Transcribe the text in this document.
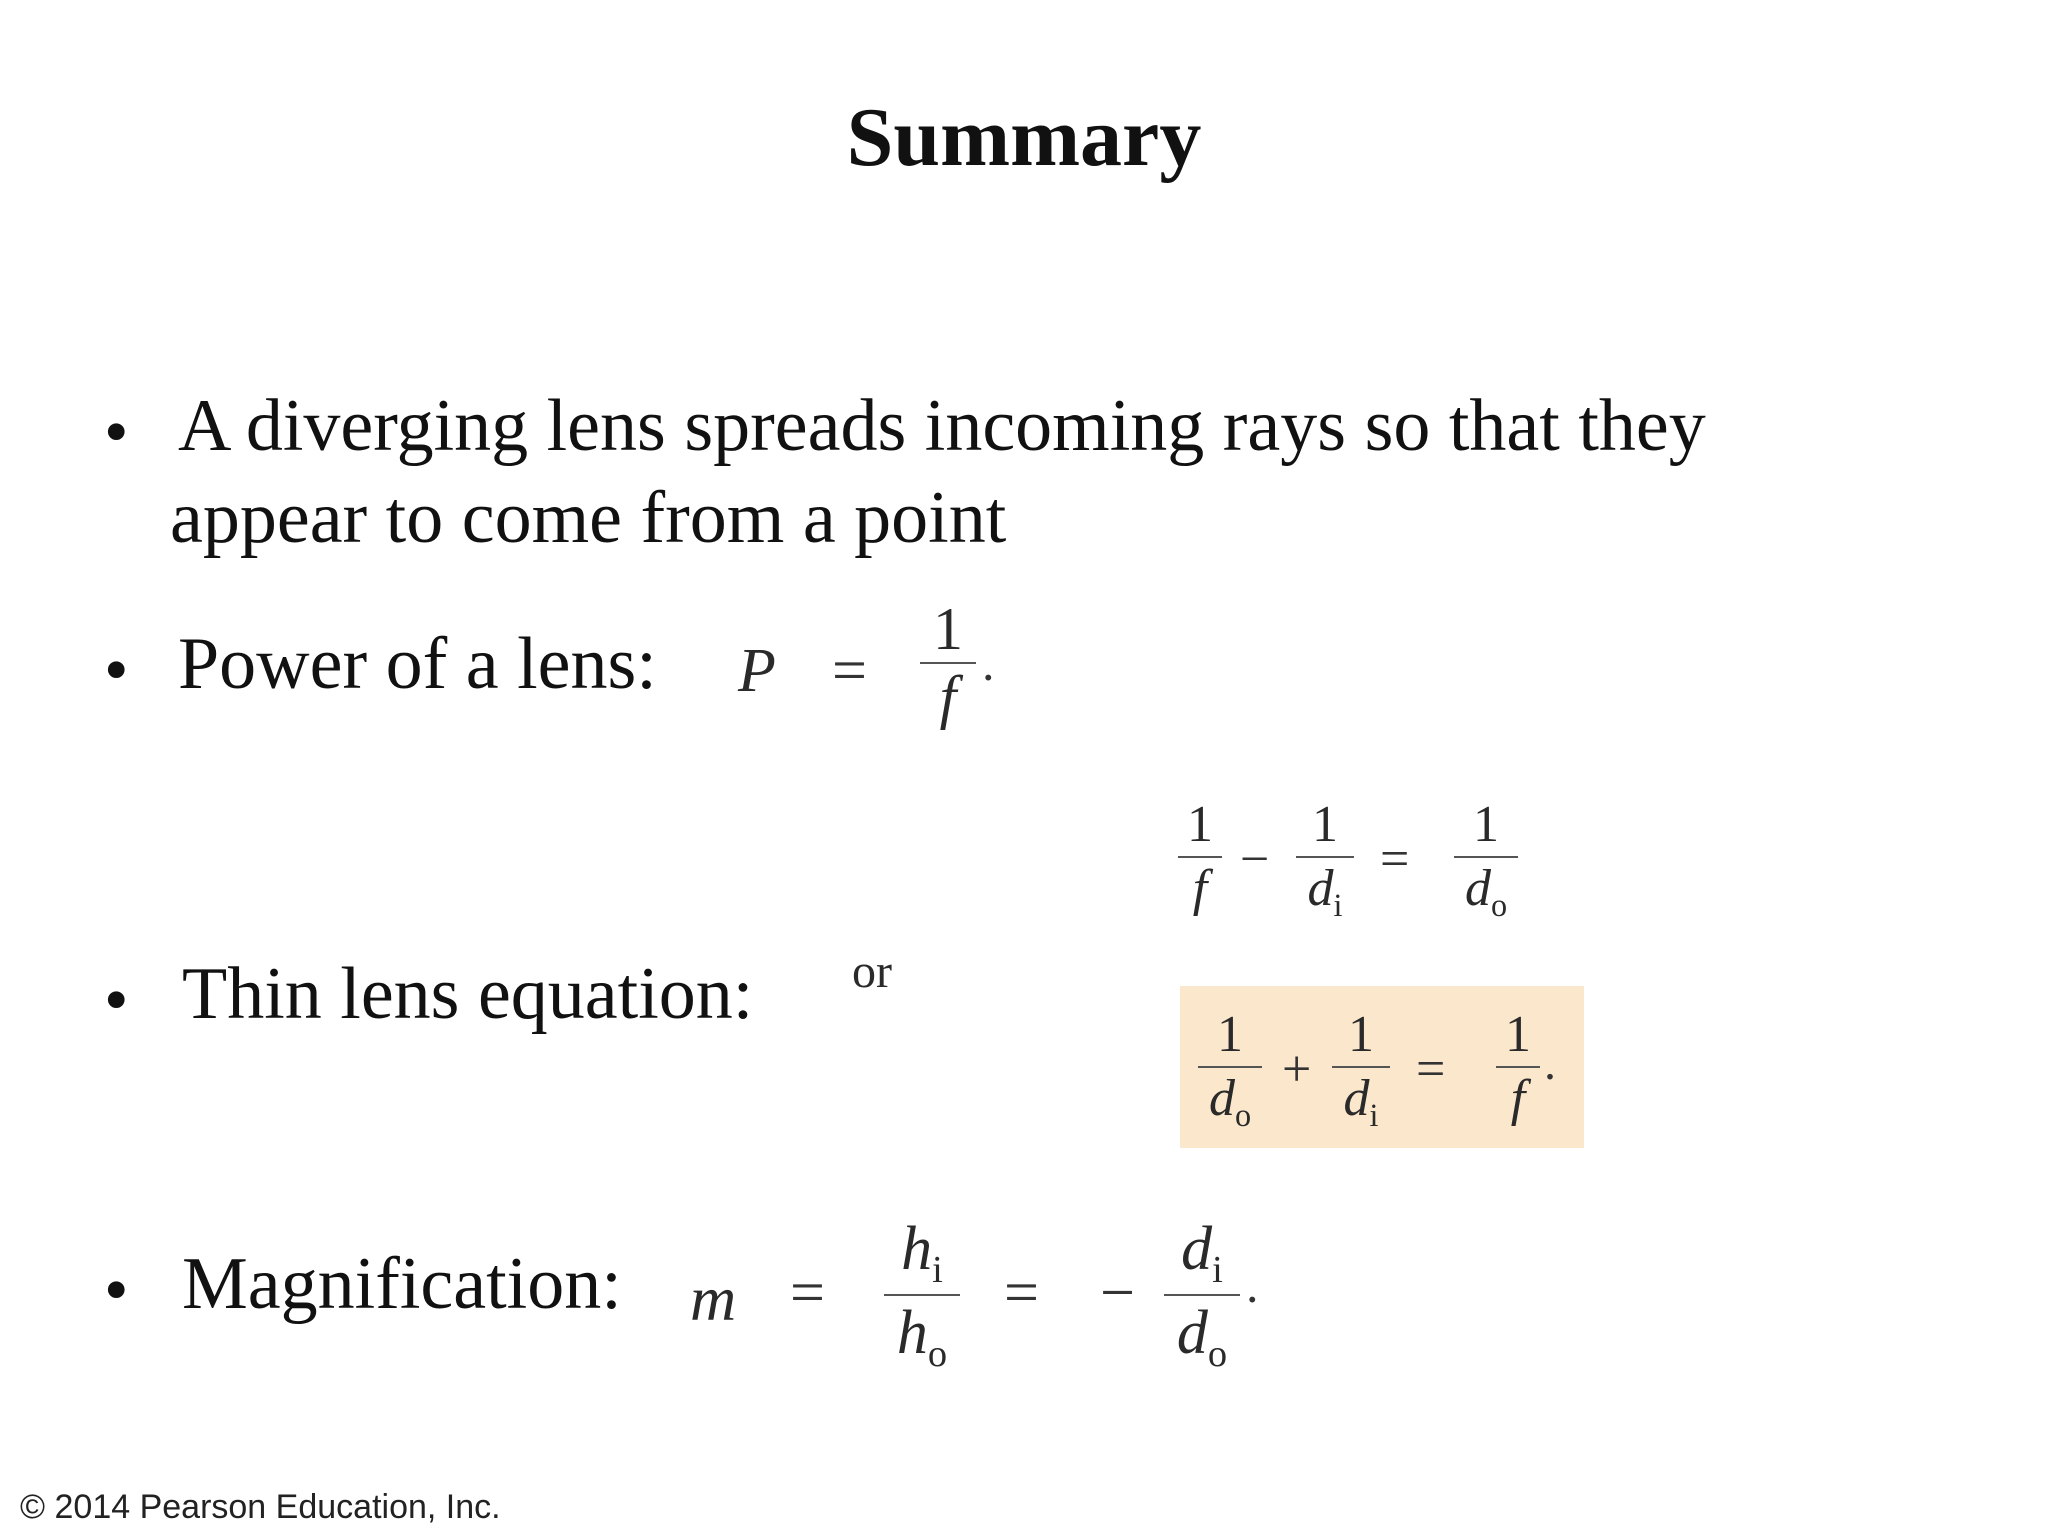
Summary
• A diverging lens spreads incoming rays so that they
appear to come from a point
• Power of a lens: P =
1
f
.
• Thin lens equation: or
1
f
−
1
$d_i$
=
1
$d_o$
1
$d_o$
+
1
$d_i$
=
1
f
.
• Magnification: m =
$h_i$
$h_o$
= −
$d_i$
$d_o$
.
© 2014 Pearson Education, Inc.
